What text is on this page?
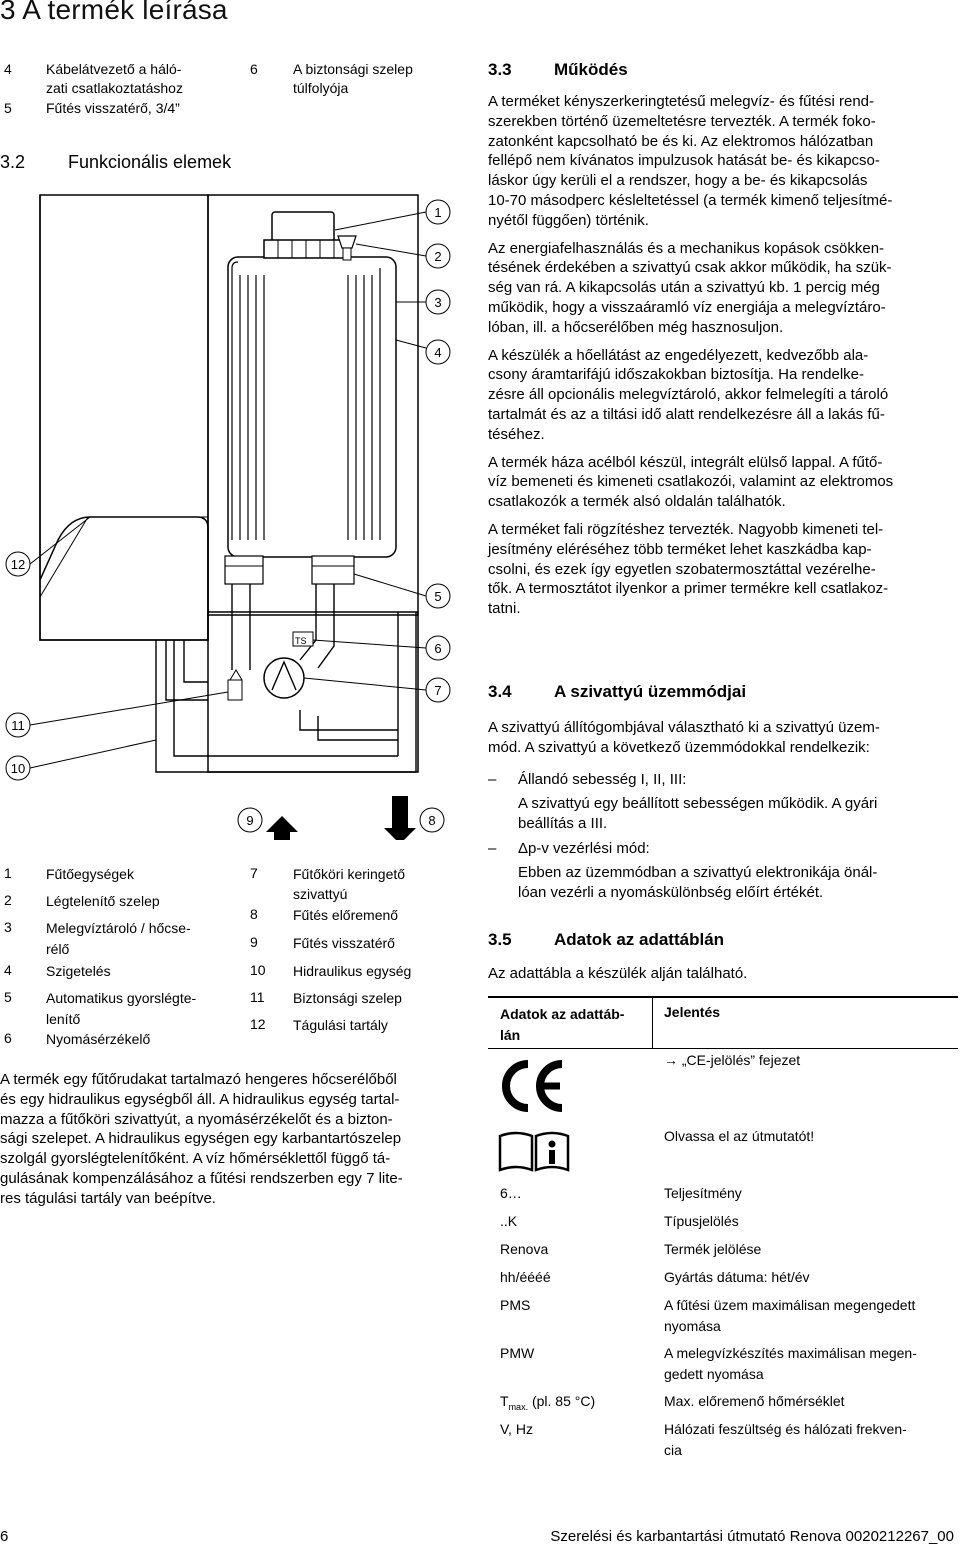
3 A termék leírása
4 Kábelátvezető a háló-
zati csatlakoztatáshoz
5 Fűtés visszatérő, 3/4”
6	A biztonsági szelep
túlfolyója
3.2 Funkcionális elemek
TS
1
2
3
4
5
6
7
8
9
10
11
12
1 Fűtőegységek
2 Légtelenítő szelep
3 Melegvíztároló / hőcse-
rélő
4 Szigetelés
5 Automatikus gyorslégte-
lenítő
6 Nyomásérzékelő
7	Fűtőköri keringető
szivattyú
8	Fűtés előremenő
9	Fűtés visszatérő
10 Hidraulikus egység
11 Biztonsági szelep
12 Tágulási tartály
A termék egy fűtőrudakat tartalmazó hengeres hőcserélőből
és egy hidraulikus egységből áll. A hidraulikus egység tartal-
mazza a fűtőköri szivattyút, a nyomásérzékelőt és a bizton-
sági szelepet. A hidraulikus egységen egy karbantartószelep
szolgál gyorslégtelenítőként. A víz hőmérséklettől függő tá-
gulásának kompenzálásához a fűtési rendszerben egy 7 lite-
res tágulási tartály van beépítve.
3.3 Működés
A terméket kényszerkeringtetésű melegvíz- és fűtési rend-
szerekben történő üzemeltetésre tervezték. A termék foko-
zatonként kapcsolható be és ki. Az elektromos hálózatban
fellépő nem kívánatos impulzusok hatását be- és kikapcso-
láskor úgy kerüli el a rendszer, hogy a be- és kikapcsolás
10-70 másodperc késleltetéssel (a termék kimenő teljesítmé-
nyétől függően) történik.
Az energiafelhasználás és a mechanikus kopások csökken-
tésének érdekében a szivattyú csak akkor működik, ha szük-
ség van rá. A kikapcsolás után a szivattyú kb. 1 percig még
működik, hogy a visszaáramló víz energiája a melegvíztáro-
lóban, ill. a hőcserélőben még hasznosuljon.
A készülék a hőellátást az engedélyezett, kedvezőbb ala-
csony áramtarifájú időszakokban biztosítja. Ha rendelke-
zésre áll opcionális melegvíztároló, akkor felmelegíti a tároló
tartalmát és az a tiltási idő alatt rendelkezésre áll a lakás fű-
téséhez.
A termék háza acélból készül, integrált elülső lappal. A fűtő-
víz bemeneti és kimeneti csatlakozói, valamint az elektromos
csatlakozók a termék alsó oldalán találhatók.
A terméket fali rögzítéshez tervezték. Nagyobb kimeneti tel-
jesítmény eléréséhez több terméket lehet kaszkádba kap-
csolni, és ezek így egyetlen szobatermosztáttal vezérelhe-
tők. A termosztátot ilyenkor a primer termékre kell csatlakoz-
tatni.
3.4 A szivattyú üzemmódjai
A szivattyú állítógombjával választható ki a szivattyú üzem-
mód. A szivattyú a következő üzemmódokkal rendelkezik:
– Állandó sebesség I, II, III:
A szivattyú egy beállított sebességen működik. A gyári
beállítás a III.
– Δp-v vezérlési mód:
Ebben az üzemmódban a szivattyú elektronikája önál-
lóan vezérli a nyomáskülönbség előírt értékét.
3.5 Adatok az adattáblán
Az adattábla a készülék alján található.
Adatok az adattáb-
lán
Jelentés
→ „CE-jelölés” fejezet
Olvassa el az útmutatót!
6…	Teljesítmény
..K	Típusjelölés
Renova	Termék jelölése
hh/éééé	Gyártás dátuma: hét/év
PMS	A fűtési üzem maximálisan megengedett
nyomása
PMW	A melegvízkészítés maximálisan megen-
gedett nyomása
$T_{max.}$ (pl. 85 °C)	Max. előremenő hőmérséklet
V, Hz	Hálózati feszültség és hálózati frekven-
cia
6	Szerelési és karbantartási útmutató Renova 0020212267_00
